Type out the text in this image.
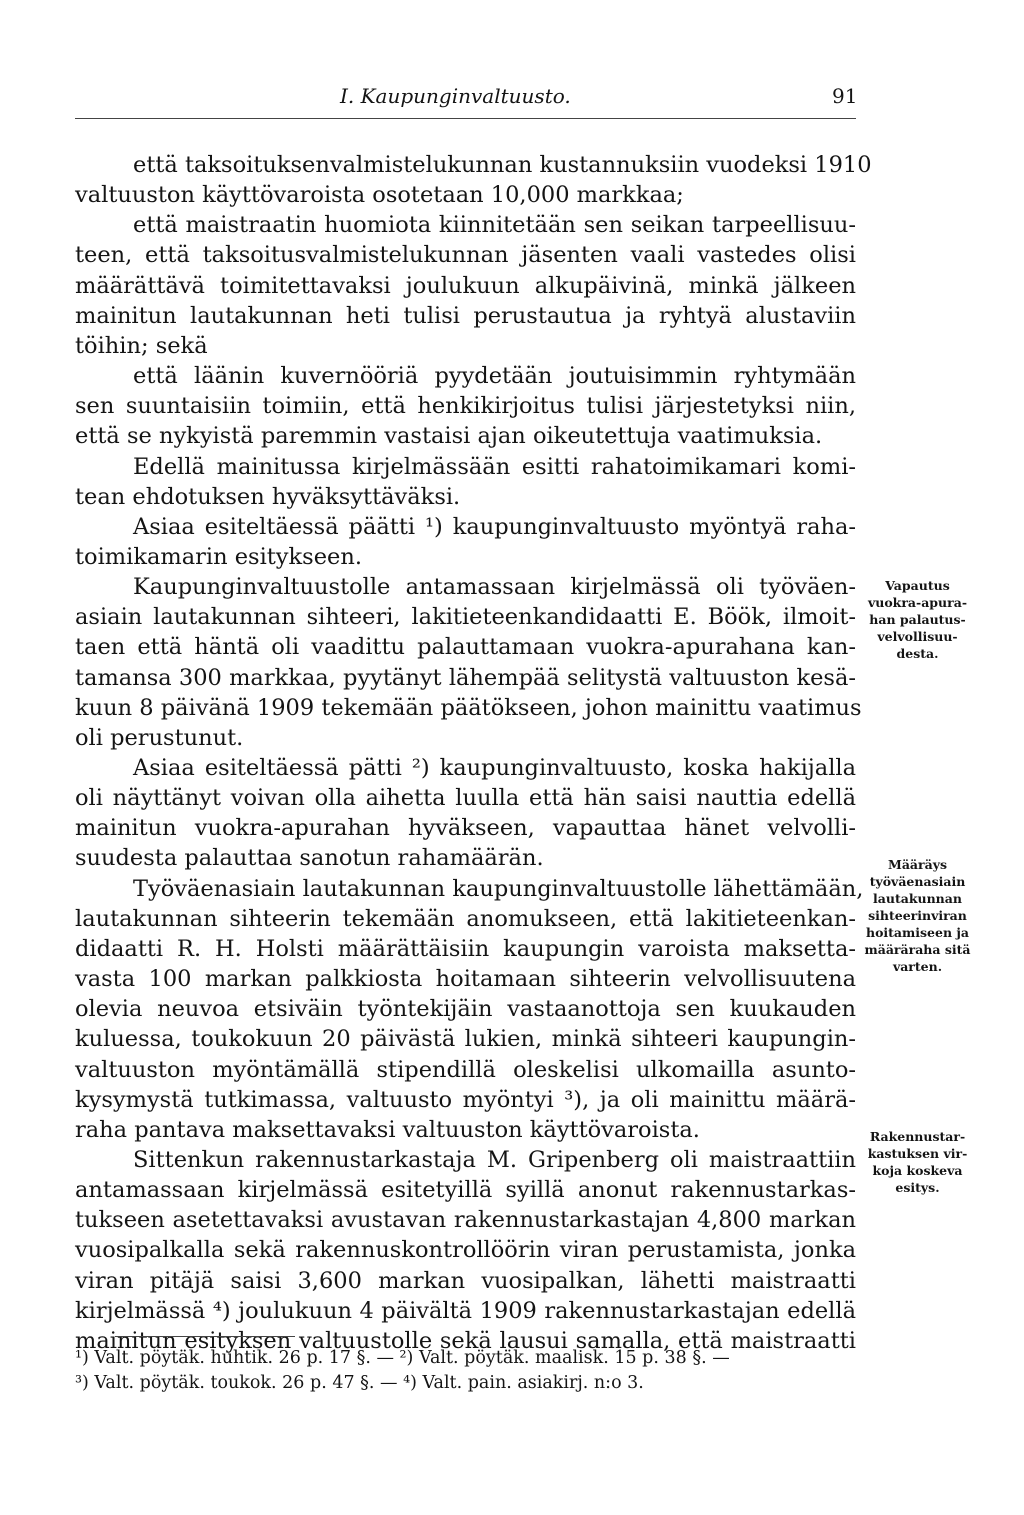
I. Kaupunginvaltuusto.	91
että taksoituksenvalmistelukunnan kustannuksiin vuodeksi 1910
valtuuston käyttövaroista osotetaan 10,000 markkaa;
että maistraatin huomiota kiinnitetään sen seikan tarpeellisuu-
teen, että taksoitusvalmistelukunnan jäsenten vaali vastedes olisi
määrättävä toimitettavaksi joulukuun alkupäivinä, minkä jälkeen
mainitun lautakunnan heti tulisi perustautua ja ryhtyä alustaviin
töihin; sekä
että läänin kuvernööriä pyydetään joutuisimmin ryhtymään
sen suuntaisiin toimiin, että henkikirjoitus tulisi järjestetyksi niin,
että se nykyistä paremmin vastaisi ajan oikeutettuja vaatimuksia.
Edellä mainitussa kirjelmässään esitti rahatoimikamari komi-
tean ehdotuksen hyväksyttäväksi.
Asiaa esiteltäessä päätti ¹) kaupunginvaltuusto myöntyä raha-
toimikamarin esitykseen.
Kaupunginvaltuustolle antamassaan kirjelmässä oli työväen-
asiain lautakunnan sihteeri, lakitieteenkandidaatti E. Böök, ilmoit-
taen että häntä oli vaadittu palauttamaan vuokra-apurahana kan-
tamansa 300 markkaa, pyytänyt lähempää selitystä valtuuston kesä-
kuun 8 päivänä 1909 tekemään päätökseen, johon mainittu vaatimus
oli perustunut.
Asiaa esiteltäessä pätti ²) kaupunginvaltuusto, koska hakijalla
oli näyttänyt voivan olla aihetta luulla että hän saisi nauttia edellä
mainitun vuokra-apurahan hyväkseen, vapauttaa hänet velvolli-
suudesta palauttaa sanotun rahamäärän.
Työväenasiain lautakunnan kaupunginvaltuustolle lähettämään,
lautakunnan sihteerin tekemään anomukseen, että lakitieteenkan-
didaatti R. H. Holsti määrättäisiin kaupungin varoista maksetta-
vasta 100 markan palkkiosta hoitamaan sihteerin velvollisuutena
olevia neuvoa etsiväin työntekijäin vastaanottoja sen kuukauden
kuluessa, toukokuun 20 päivästä lukien, minkä sihteeri kaupungin-
valtuuston myöntämällä stipendillä oleskelisi ulkomailla asunto-
kysymystä tutkimassa, valtuusto myöntyi ³), ja oli mainittu määrä-
raha pantava maksettavaksi valtuuston käyttövaroista.
Sittenkun rakennustarkastaja M. Gripenberg oli maistraattiin
antamassaan kirjelmässä esitetyillä syillä anonut rakennustarkas-
tukseen asetettavaksi avustavan rakennustarkastajan 4,800 markan
vuosipalkalla sekä rakennuskontrollöörin viran perustamista, jonka
viran pitäjä saisi 3,600 markan vuosipalkan, lähetti maistraatti
kirjelmässä ⁴) joulukuun 4 päivältä 1909 rakennustarkastajan edellä
mainitun esityksen valtuustolle sekä lausui samalla, että maistraatti
Vapautus
vuokra-apura-
han palautus-
velvollisuu-
desta.
Määräys
työväenasiain
lautakunnan
sihteerinviran
hoitamiseen ja
määräraha sitä
varten.
Rakennustar-
kastuksen vir-
koja koskeva
esitys.
¹) Valt. pöytäk. huhtik. 26 p. 17 §. — ²) Valt. pöytäk. maalisk. 15 p. 38 §. —
³) Valt. pöytäk. toukok. 26 p. 47 §. — ⁴) Valt. pain. asiakirj. n:o 3.
